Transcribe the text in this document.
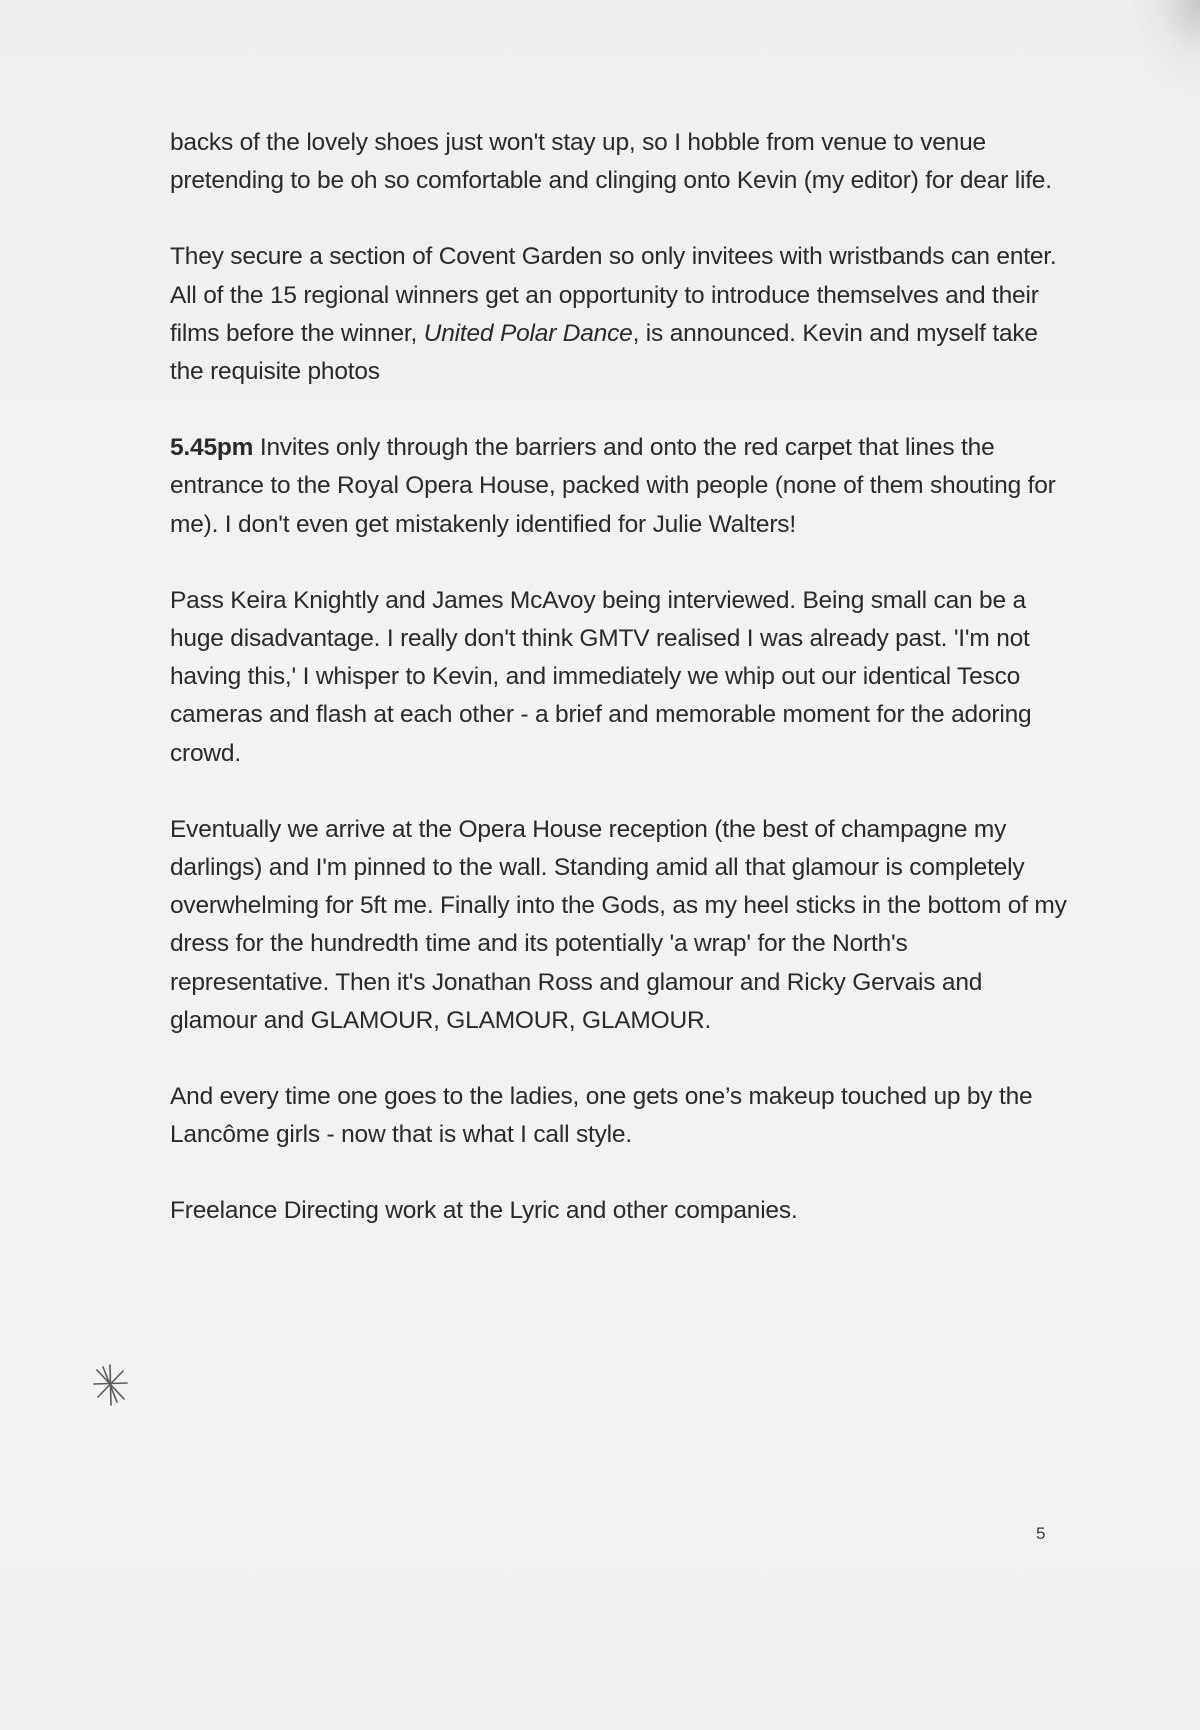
backs of the lovely shoes just won't stay up, so I hobble from venue to venue pretending to be oh so comfortable and clinging onto Kevin (my editor) for dear life.

They secure a section of Covent Garden so only invitees with wristbands can enter. All of the 15 regional winners get an opportunity to introduce themselves and their films before the winner, United Polar Dance, is announced. Kevin and myself take the requisite photos

5.45pm Invites only through the barriers and onto the red carpet that lines the entrance to the Royal Opera House, packed with people (none of them shouting for me). I don't even get mistakenly identified for Julie Walters!

Pass Keira Knightly and James McAvoy being interviewed. Being small can be a huge disadvantage. I really don't think GMTV realised I was already past. 'I'm not having this,' I whisper to Kevin, and immediately we whip out our identical Tesco cameras and flash at each other - a brief and memorable moment for the adoring crowd.

Eventually we arrive at the Opera House reception (the best of champagne my darlings) and I'm pinned to the wall. Standing amid all that glamour is completely overwhelming for 5ft me. Finally into the Gods, as my heel sticks in the bottom of my dress for the hundredth time and its potentially 'a wrap' for the North's representative. Then it's Jonathan Ross and glamour and Ricky Gervais and glamour and GLAMOUR, GLAMOUR, GLAMOUR.

And every time one goes to the ladies, one gets one’s makeup touched up by the Lancôme girls - now that is what I call style.

Freelance Directing work at the Lyric and other companies.

5
